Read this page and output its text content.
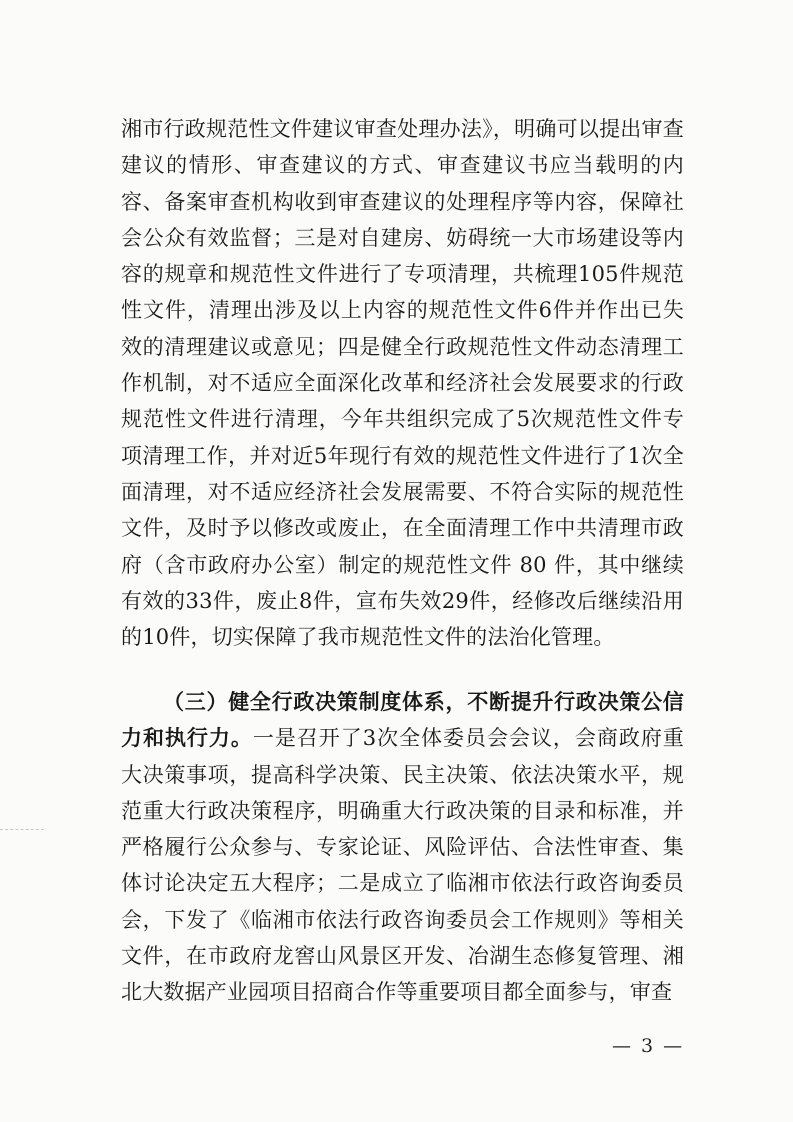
湘市行政规范性文件建议审查处理办法》，明确可以提出审查建议的情形、审查建议的方式、审查建议书应当载明的内容、备案审查机构收到审查建议的处理程序等内容，保障社会公众有效监督；三是对自建房、妨碍统一大市场建设等内容的规章和规范性文件进行了专项清理，共梳理105件规范性文件，清理出涉及以上内容的规范性文件6件并作出已失效的清理建议或意见；四是健全行政规范性文件动态清理工作机制，对不适应全面深化改革和经济社会发展要求的行政规范性文件进行清理，今年共组织完成了5次规范性文件专项清理工作，并对近5年现行有效的规范性文件进行了1次全面清理，对不适应经济社会发展需要、不符合实际的规范性文件，及时予以修改或废止，在全面清理工作中共清理市政府（含市政府办公室）制定的规范性文件 80 件，其中继续有效的33件，废止8件，宣布失效29件，经修改后继续沿用的10件，切实保障了我市规范性文件的法治化管理。

（三）健全行政决策制度体系，不断提升行政决策公信力和执行力。一是召开了3次全体委员会会议，会商政府重大决策事项，提高科学决策、民主决策、依法决策水平，规范重大行政决策程序，明确重大行政决策的目录和标准，并严格履行公众参与、专家论证、风险评估、合法性审查、集体讨论决定五大程序；二是成立了临湘市依法行政咨询委员会，下发了《临湘市依法行政咨询委员会工作规则》等相关文件，在市政府龙窖山风景区开发、冶湖生态修复管理、湘北大数据产业园项目招商合作等重要项目都全面参与，审查

— 3 —
